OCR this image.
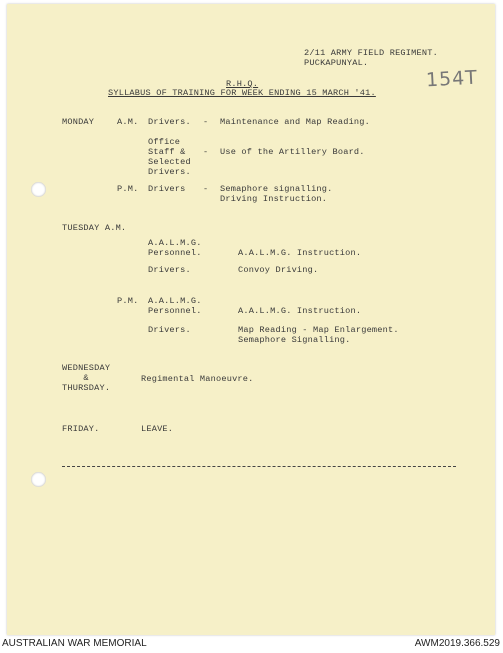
2/11 ARMY FIELD REGIMENT.
PUCKAPUNYAL.
154T
R.H.Q.
SYLLABUS OF TRAINING FOR WEEK ENDING 15 MARCH '41.
MONDAY	A.M. Drivers. - Maintenance and Map Reading.
Office
Staff &
Selected
Drivers.
- Use of the Artillery Board.
P.M. Drivers - Semaphore signalling.
Driving Instruction.
TUESDAY A.M.
A.A.L.M.G.
Personnel.	A.A.L.M.G. Instruction.
Drivers.	Convoy Driving.
P.M. A.A.L.M.G.
Personnel.	A.A.L.M.G. Instruction.
Drivers.	Map Reading - Map Enlargement.
Semaphore Signalling.
WEDNESDAY
&
THURSDAY.
Regimental Manoeuvre.
FRIDAY.	LEAVE.
AUSTRALIAN WAR MEMORIAL	AWM2019.366.529
